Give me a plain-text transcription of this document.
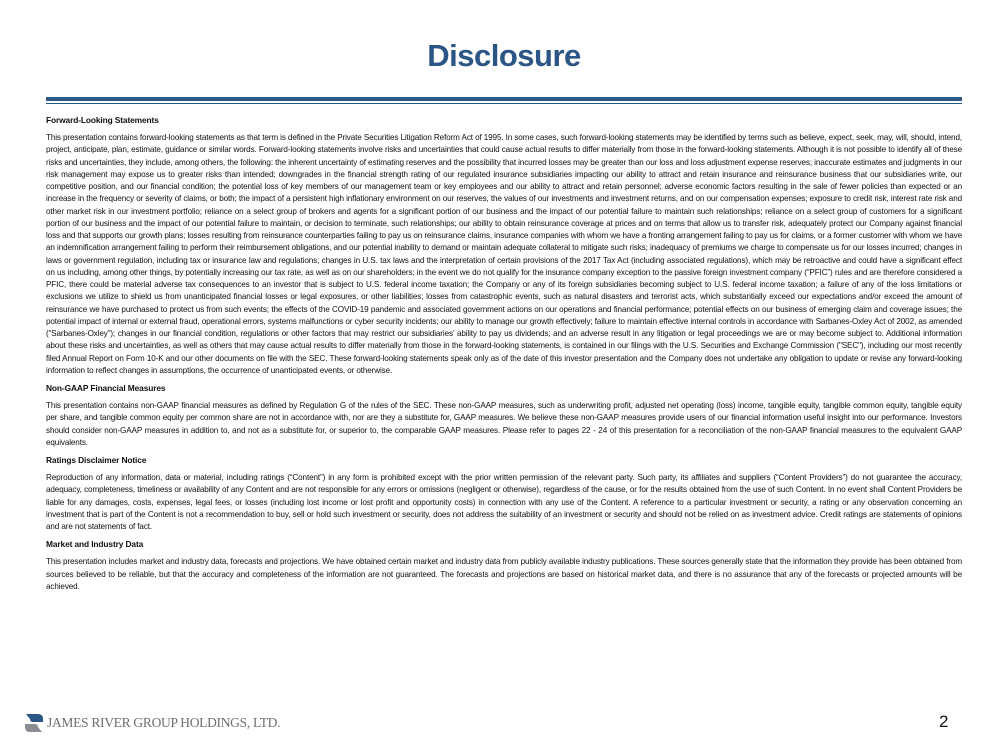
Disclosure
Forward-Looking Statements

This presentation contains forward-looking statements as that term is defined in the Private Securities Litigation Reform Act of 1995. In some cases, such forward-looking statements may be identified by terms such as believe, expect, seek, may, will, should, intend, project, anticipate, plan, estimate, guidance or similar words. Forward-looking statements involve risks and uncertainties that could cause actual results to differ materially from those in the forward-looking statements. Although it is not possible to identify all of these risks and uncertainties, they include, among others, the following: the inherent uncertainty of estimating reserves and the possibility that incurred losses may be greater than our loss and loss adjustment expense reserves; inaccurate estimates and judgments in our risk management may expose us to greater risks than intended; downgrades in the financial strength rating of our regulated insurance subsidiaries impacting our ability to attract and retain insurance and reinsurance business that our subsidiaries write, our competitive position, and our financial condition; the potential loss of key members of our management team or key employees and our ability to attract and retain personnel; adverse economic factors resulting in the sale of fewer policies than expected or an increase in the frequency or severity of claims, or both; the impact of a persistent high inflationary environment on our reserves, the values of our investments and investment returns, and on our compensation expenses; exposure to credit risk, interest rate risk and other market risk in our investment portfolio; reliance on a select group of brokers and agents for a significant portion of our business and the impact of our potential failure to maintain such relationships; reliance on a select group of customers for a significant portion of our business and the impact of our potential failure to maintain, or decision to terminate, such relationships; our ability to obtain reinsurance coverage at prices and on terms that allow us to transfer risk, adequately protect our Company against financial loss and that supports our growth plans; losses resulting from reinsurance counterparties failing to pay us on reinsurance claims, insurance companies with whom we have a fronting arrangement failing to pay us for claims, or a former customer with whom we have an indemnification arrangement failing to perform their reimbursement obligations, and our potential inability to demand or maintain adequate collateral to mitigate such risks; inadequacy of premiums we charge to compensate us for our losses incurred; changes in laws or government regulation, including tax or insurance law and regulations; changes in U.S. tax laws and the interpretation of certain provisions of the 2017 Tax Act (including associated regulations), which may be retroactive and could have a significant effect on us including, among other things, by potentially increasing our tax rate, as well as on our shareholders; in the event we do not qualify for the insurance company exception to the passive foreign investment company (“PFIC”) rules and are therefore considered a PFIC, there could be material adverse tax consequences to an investor that is subject to U.S. federal income taxation; the Company or any of its foreign subsidiaries becoming subject to U.S. federal income taxation; a failure of any of the loss limitations or exclusions we utilize to shield us from unanticipated financial losses or legal exposures, or other liabilities; losses from catastrophic events, such as natural disasters and terrorist acts, which substantially exceed our expectations and/or exceed the amount of reinsurance we have purchased to protect us from such events; the effects of the COVID-19 pandemic and associated government actions on our operations and financial performance; potential effects on our business of emerging claim and coverage issues; the potential impact of internal or external fraud, operational errors, systems malfunctions or cyber security incidents; our ability to manage our growth effectively; failure to maintain effective internal controls in accordance with Sarbanes-Oxley Act of 2002, as amended (“Sarbanes-Oxley”); changes in our financial condition, regulations or other factors that may restrict our subsidiaries’ ability to pay us dividends; and an adverse result in any litigation or legal proceedings we are or may become subject to. Additional information about these risks and uncertainties, as well as others that may cause actual results to differ materially from those in the forward-looking statements, is contained in our filings with the U.S. Securities and Exchange Commission ("SEC"), including our most recently filed Annual Report on Form 10-K and our other documents on file with the SEC. These forward-looking statements speak only as of the date of this investor presentation and the Company does not undertake any obligation to update or revise any forward-looking information to reflect changes in assumptions, the occurrence of unanticipated events, or otherwise.

Non-GAAP Financial Measures

This presentation contains non-GAAP financial measures as defined by Regulation G of the rules of the SEC. These non-GAAP measures, such as underwriting profit, adjusted net operating (loss) income, tangible equity, tangible common equity, tangible equity per share, and tangible common equity per common share are not in accordance with, nor are they a substitute for, GAAP measures. We believe these non-GAAP measures provide users of our financial information useful insight into our performance. Investors should consider non-GAAP measures in addition to, and not as a substitute for, or superior to, the comparable GAAP measures. Please refer to pages 22 - 24 of this presentation for a reconciliation of the non-GAAP financial measures to the equivalent GAAP equivalents.

Ratings Disclaimer Notice

Reproduction of any information, data or material, including ratings (“Content”) in any form is prohibited except with the prior written permission of the relevant party. Such party, its affiliates and suppliers (“Content Providers”) do not guarantee the accuracy, adequacy, completeness, timeliness or availability of any Content and are not responsible for any errors or omissions (negligent or otherwise), regardless of the cause, or for the results obtained from the use of such Content. In no event shall Content Providers be liable for any damages, costs, expenses, legal fees, or losses (including lost income or lost profit and opportunity costs) in connection with any use of the Content. A reference to a particular investment or security, a rating or any observation concerning an investment that is part of the Content is not a recommendation to buy, sell or hold such investment or security, does not address the suitability of an investment or security and should not be relied on as investment advice. Credit ratings are statements of opinions and are not statements of fact.

Market and Industry Data

This presentation includes market and industry data, forecasts and projections. We have obtained certain market and industry data from publicly available industry publications. These sources generally state that the information they provide has been obtained from sources believed to be reliable, but that the accuracy and completeness of the information are not guaranteed. The forecasts and projections are based on historical market data, and there is no assurance that any of the forecasts or projected amounts will be achieved.

JAMES RIVER GROUP HOLDINGS, LTD.	2
